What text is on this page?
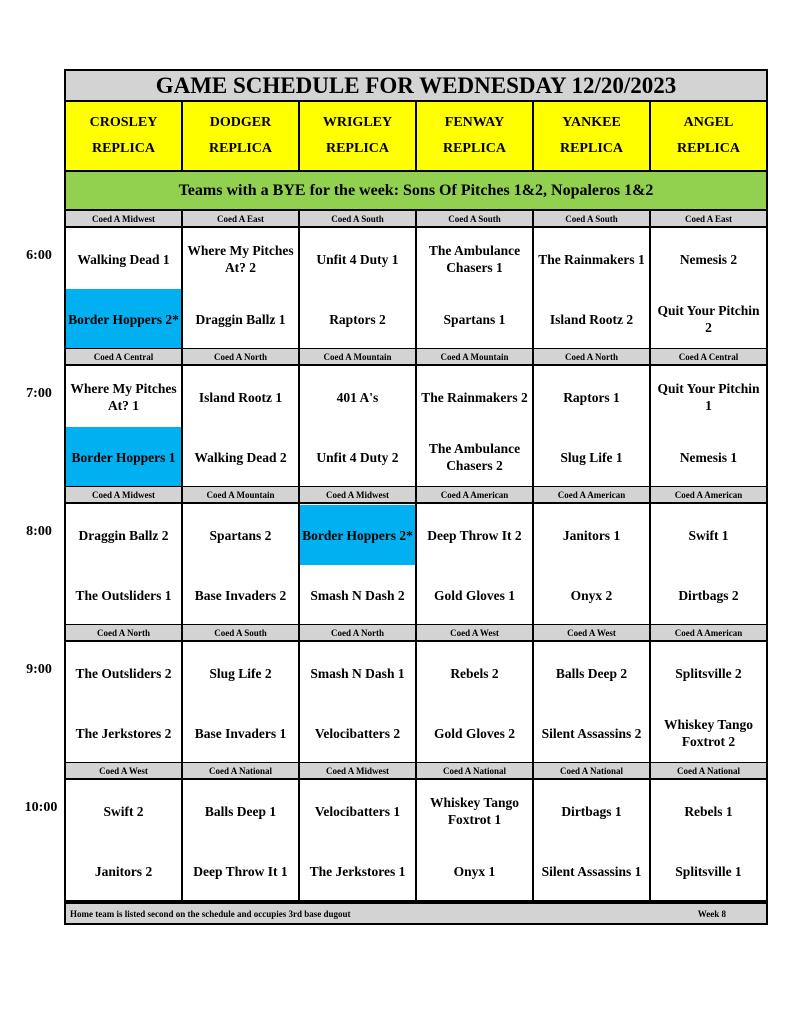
GAME SCHEDULE FOR WEDNESDAY 12/20/2023
Teams with a BYE for the week: Sons Of Pitches 1&2, Nopaleros 1&2
Home team is listed second on the schedule and occupies 3rd base dugout	Week 8
CROSLEY
REPLICA
DODGER
REPLICA
WRIGLEY
REPLICA
FENWAY
REPLICA
YANKEE
REPLICA
ANGEL
REPLICA
Coed A Midwest
Walking Dead 1
Border Hoppers 2*
Coed A East
Where My Pitches At? 2
Draggin Ballz 1
Coed A South
Unfit 4 Duty 1
Raptors 2
Coed A South
The Ambulance Chasers 1
Spartans 1
Coed A South
The Rainmakers 1
Island Rootz 2
Coed A East
Nemesis 2
Quit Your Pitchin 2
Coed A Central
Where My Pitches At? 1
Border Hoppers 1
Coed A North
Island Rootz 1
Walking Dead 2
Coed A Mountain
401 A's
Unfit 4 Duty 2
Coed A Mountain
The Rainmakers 2
The Ambulance Chasers 2
Coed A North
Raptors 1
Slug Life 1
Coed A Central
Quit Your Pitchin 1
Nemesis 1
Coed A Midwest
Draggin Ballz 2
The Outsliders 1
Coed A Mountain
Spartans 2
Base Invaders 2
Coed A Midwest
Border Hoppers 2*
Smash N Dash 2
Coed A American
Deep Throw It 2
Gold Gloves 1
Coed A American
Janitors 1
Onyx 2
Coed A American
Swift 1
Dirtbags 2
Coed A North
The Outsliders 2
The Jerkstores 2
Coed A South
Slug Life 2
Base Invaders 1
Coed A North
Smash N Dash 1
Velocibatters 2
Coed A West
Rebels 2
Gold Gloves 2
Coed A West
Balls Deep 2
Silent Assassins 2
Coed A American
Splitsville 2
Whiskey Tango Foxtrot 2
Coed A West
Swift 2
Janitors 2
Coed A National
Balls Deep 1
Deep Throw It 1
Coed A Midwest
Velocibatters 1
The Jerkstores 1
Coed A National
Whiskey Tango Foxtrot 1
Onyx 1
Coed A National
Dirtbags 1
Silent Assassins 1
Coed A National
Rebels 1
Splitsville 1
6:00
7:00
8:00
9:00
10:00
